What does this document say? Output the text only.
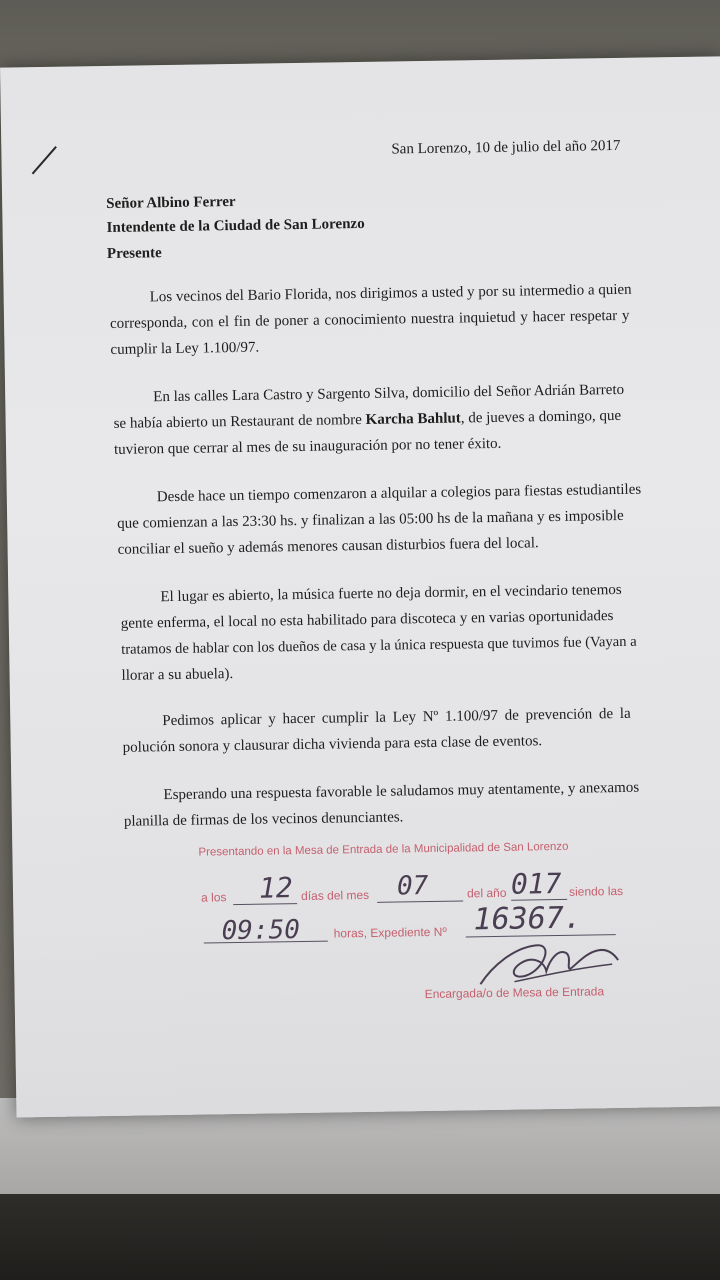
San Lorenzo, 10 de julio del año 2017

Señor Albino Ferrer

Intendente de la Ciudad de San Lorenzo

Presente

Los vecinos del Bario Florida, nos dirigimos a usted y por su intermedio a quien

corresponda, con el fin de poner a conocimiento nuestra inquietud y hacer respetar y

cumplir la Ley 1.100/97.

En las calles Lara Castro y Sargento Silva, domicilio del Señor Adrián Barreto

se había abierto un Restaurant de nombre Karcha Bahlut, de jueves a domingo, que

tuvieron que cerrar al mes de su inauguración por no tener éxito.

Desde hace un tiempo comenzaron a alquilar a colegios para fiestas estudiantiles

que comienzan a las 23:30 hs. y finalizan a las 05:00 hs de la mañana y es imposible

conciliar el sueño y además menores causan disturbios fuera del local.

El lugar es abierto, la música fuerte no deja dormir, en el vecindario tenemos

gente enferma, el local no esta habilitado para discoteca y en varias oportunidades

tratamos de hablar con los dueños de casa y la única respuesta que tuvimos fue (Vayan a

llorar a su abuela).

Pedimos aplicar y hacer cumplir la Ley Nº 1.100/97 de prevención de la

polución sonora y clausurar dicha vivienda para esta clase de eventos.

Esperando una respuesta favorable le saludamos muy atentamente, y anexamos

planilla de firmas de los vecinos denunciantes.

Presentando en la Mesa de Entrada de la Municipalidad de San Lorenzo

a los 12 días del mes 07	del año 017 siendo las

09:50	horas, Expediente Nº 16367.

Encargada/o de Mesa de Entrada
